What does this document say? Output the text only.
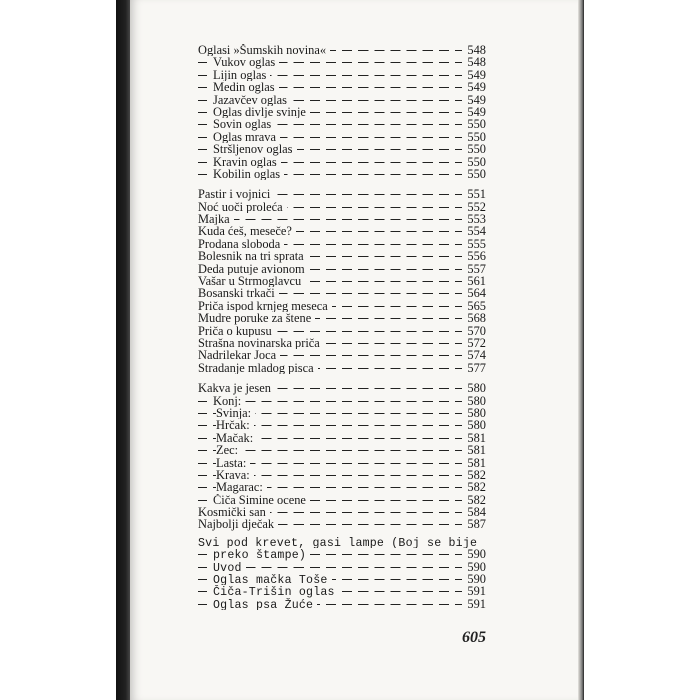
Oglasi »Šumskih novina«	548
Vukov oglas	548
Lijin oglas	549
Medin oglas	549
Jazavčev oglas	549
Oglas divlje svinje	549
Sovin oglas	550
Oglas mrava	550
Stršljenov oglas	550
Kravin oglas	550
Kobilin oglas	550
Pastir i vojnici	551
Noć uoči proleća	552
Majka	553
Kuda ćeš, meseče?	554
Prodana sloboda	555
Bolesnik na tri sprata	556
Deda putuje avionom	557
Vašar u Strmoglavcu	561
Bosanski trkači	564
Priča ispod krnjeg meseca	565
Mudre poruke za štene	568
Priča o kupusu	570
Strašna novinarska priča	572
Nadrilekar Joca	574
Stradanje mladog pisca	577
Kakva je jesen	580
Konj:	580
Svinja:	580
Hrčak:	580
Mačak:	581
Zec:	581
Lasta:	581
Krava:	582
Magarac:	582
Čiča Simine ocene	582
Kosmički san	584
Najbolji dječak	587
Svi pod krevet, gasi lampe (Boj se bije
preko štampe)	590
Uvod	590
Oglas mačka Toše	590
Čiča-Trišin oglas	591
Oglas psa Žuće	591
605
